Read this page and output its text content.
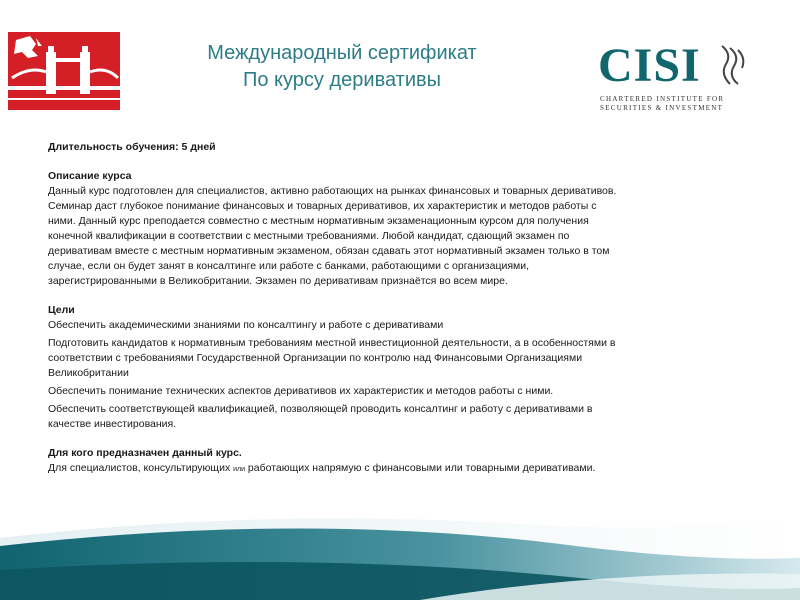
Международный сертификат
По курсу деривативы	CISI
CHARTERED INSTITUTE FOR
SECURITIES & INVESTMENT

Длительность обучения: 5 дней

Описание курса

Данный курс подготовлен для специалистов, активно работающих на рынках финансовых и товарных деривативов.

Семинар даст глубокое понимание финансовых и товарных деривативов, их характеристик и методов работы с

ними. Данный курс преподается совместно с местным нормативным экзаменационным курсом для получения

конечной квалификации в соответствии с местными требованиями. Любой кандидат, сдающий экзамен по

деривативам вместе с местным нормативным экзаменом, обязан сдавать этот нормативный экзамен только в том

случае, если он будет занят в консалтинге или работе с банками, работающими с организациями,

зарегистрированными в Великобритании. Экзамен по деривативам признаётся во всем мире.

Цели

Обеспечить академическими знаниями по консалтингу и работе с деривативами

Подготовить кандидатов к нормативным требованиям местной инвестиционной деятельности, а в особенностями в

соответствии с требованиями Государственной Организации по контролю над Финансовыми Организациями

Великобритании

Обеспечить понимание технических аспектов деривативов их характеристик и методов работы с ними.

Обеспечить соответствующей квалификацией, позволяющей проводить консалтинг и работу с деривативами в

качестве инвестирования.

Для кого предназначен данный курс.

Для специалистов, консультирующих или работающих напрямую с финансовыми или товарными деривативами.
